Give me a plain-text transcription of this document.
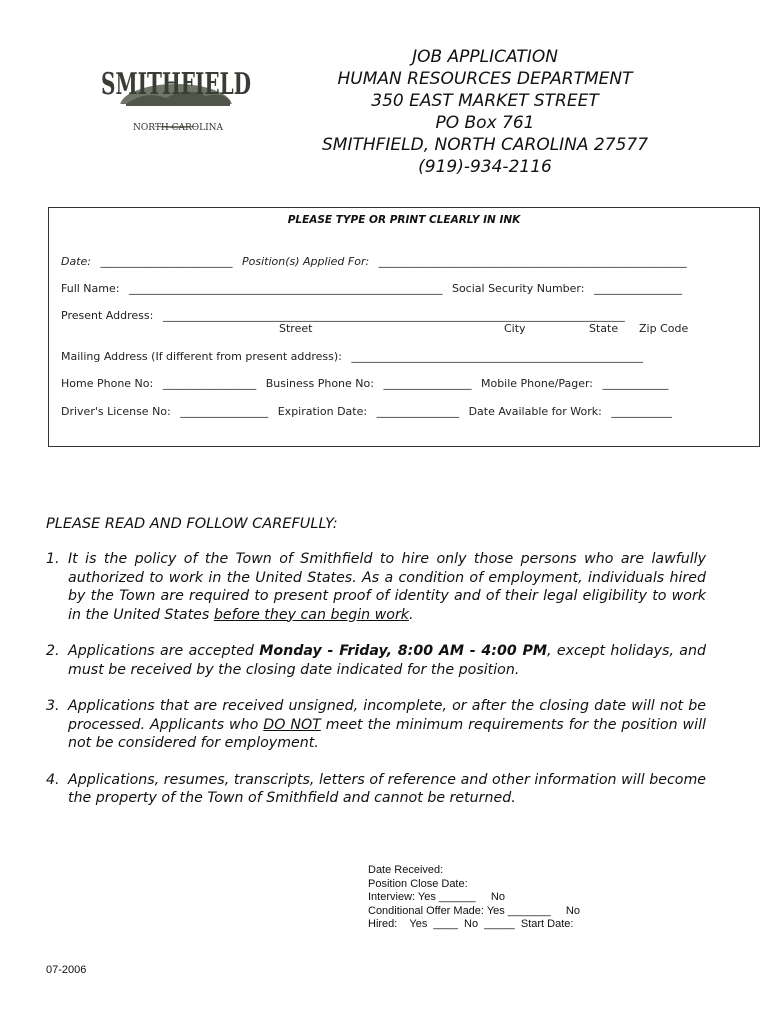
SMITHFIELD
NORTH CAROLINA
JOB APPLICATION
HUMAN RESOURCES DEPARTMENT
350 EAST MARKET STREET
PO Box 761
SMITHFIELD, NORTH CAROLINA 27577
(919)-934-2116
PLEASE TYPE OR PRINT CLEARLY IN INK
Date: ________________________ Position(s) Applied For: ________________________________________________________
Full Name: _________________________________________________________ Social Security Number: ________________
Present Address: ____________________________________________________________________________________
Street	City	State Zip Code
Mailing Address (If different from present address): _____________________________________________________
Home Phone No: _________________ Business Phone No: ________________ Mobile Phone/Pager: ____________
Driver's License No: ________________ Expiration Date: _______________ Date Available for Work: ___________
PLEASE READ AND FOLLOW CAREFULLY:
1. It is the policy of the Town of Smithfield to hire only those persons who are lawfully authorized to work in the United States. As a condition of employment, individuals hired by the Town are required to present proof of identity and of their legal eligibility to work in the United States before they can begin work.
2. Applications are accepted Monday - Friday, 8:00 AM - 4:00 PM, except holidays, and must be received by the closing date indicated for the position.
3. Applications that are received unsigned, incomplete, or after the closing date will not be processed. Applicants who DO NOT meet the minimum requirements for the position will not be considered for employment.
4. Applications, resumes, transcripts, letters of reference and other information will become the property of the Town of Smithfield and cannot be returned.
Date Received:
Position Close Date:
Interview: Yes ______     No
Conditional Offer Made: Yes _______     No
Hired:    Yes  ____  No  _____  Start Date:
07-2006
